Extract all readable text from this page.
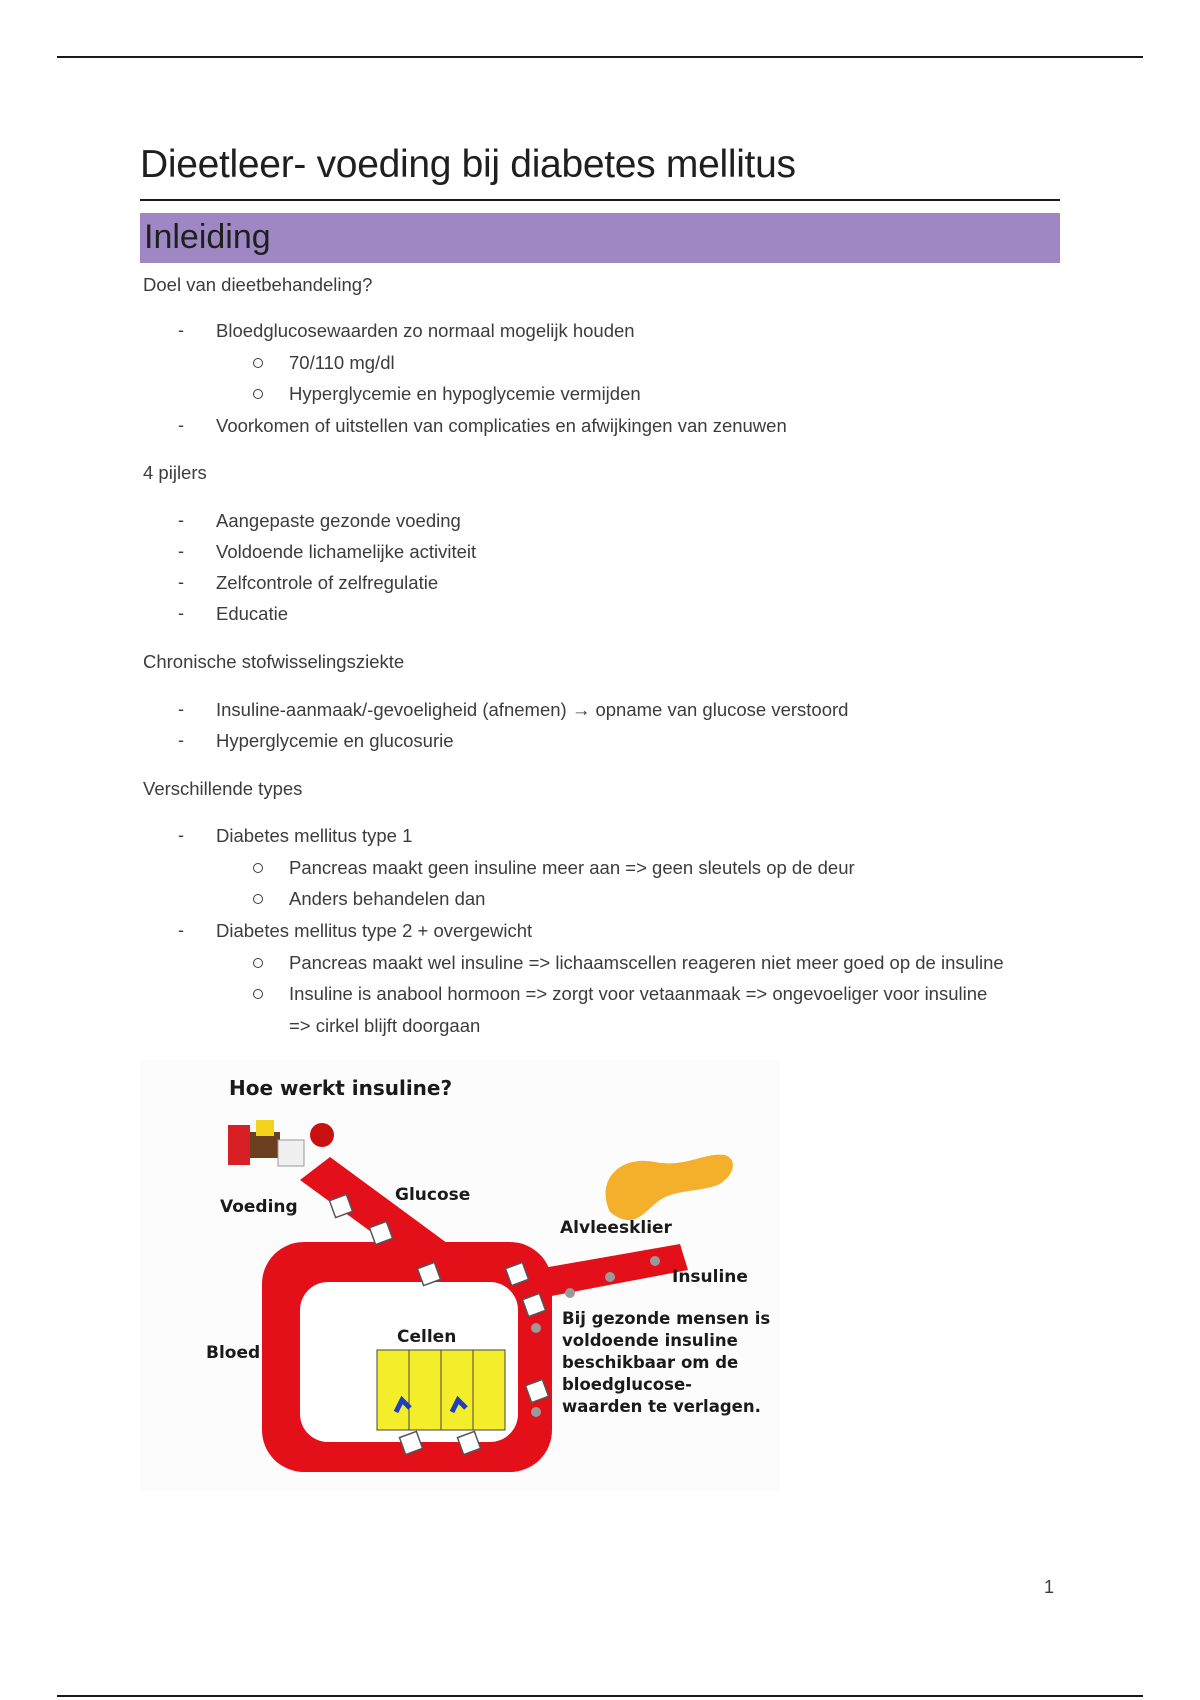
Dieetleer- voeding bij diabetes mellitus
Inleiding
Doel van dieetbehandeling?
- Bloedglucosewaarden zo normaal mogelijk houden
70/110 mg/dl
Hyperglycemie en hypoglycemie vermijden
- Voorkomen of uitstellen van complicaties en afwijkingen van zenuwen
4 pijlers
- Aangepaste gezonde voeding
- Voldoende lichamelijke activiteit
- Zelfcontrole of zelfregulatie
- Educatie
Chronische stofwisselingsziekte
- Insuline-aanmaak/-gevoeligheid (afnemen) → opname van glucose verstoord
- Hyperglycemie en glucosurie
Verschillende types
- Diabetes mellitus type 1
Pancreas maakt geen insuline meer aan => geen sleutels op de deur
Anders behandelen dan
- Diabetes mellitus type 2 + overgewicht
Pancreas maakt wel insuline => lichaamscellen reageren niet meer goed op de insuline
Insuline is anabool hormoon => zorgt voor vetaanmaak => ongevoeliger voor insuline
=> cirkel blijft doorgaan
Hoe werkt insuline?
Voeding
Glucose
Alvleesklier
Insuline
Bloed
Cellen
Bij gezonde mensen is voldoende insuline beschikbaar om de bloedglucose-waarden te verlagen.
1
